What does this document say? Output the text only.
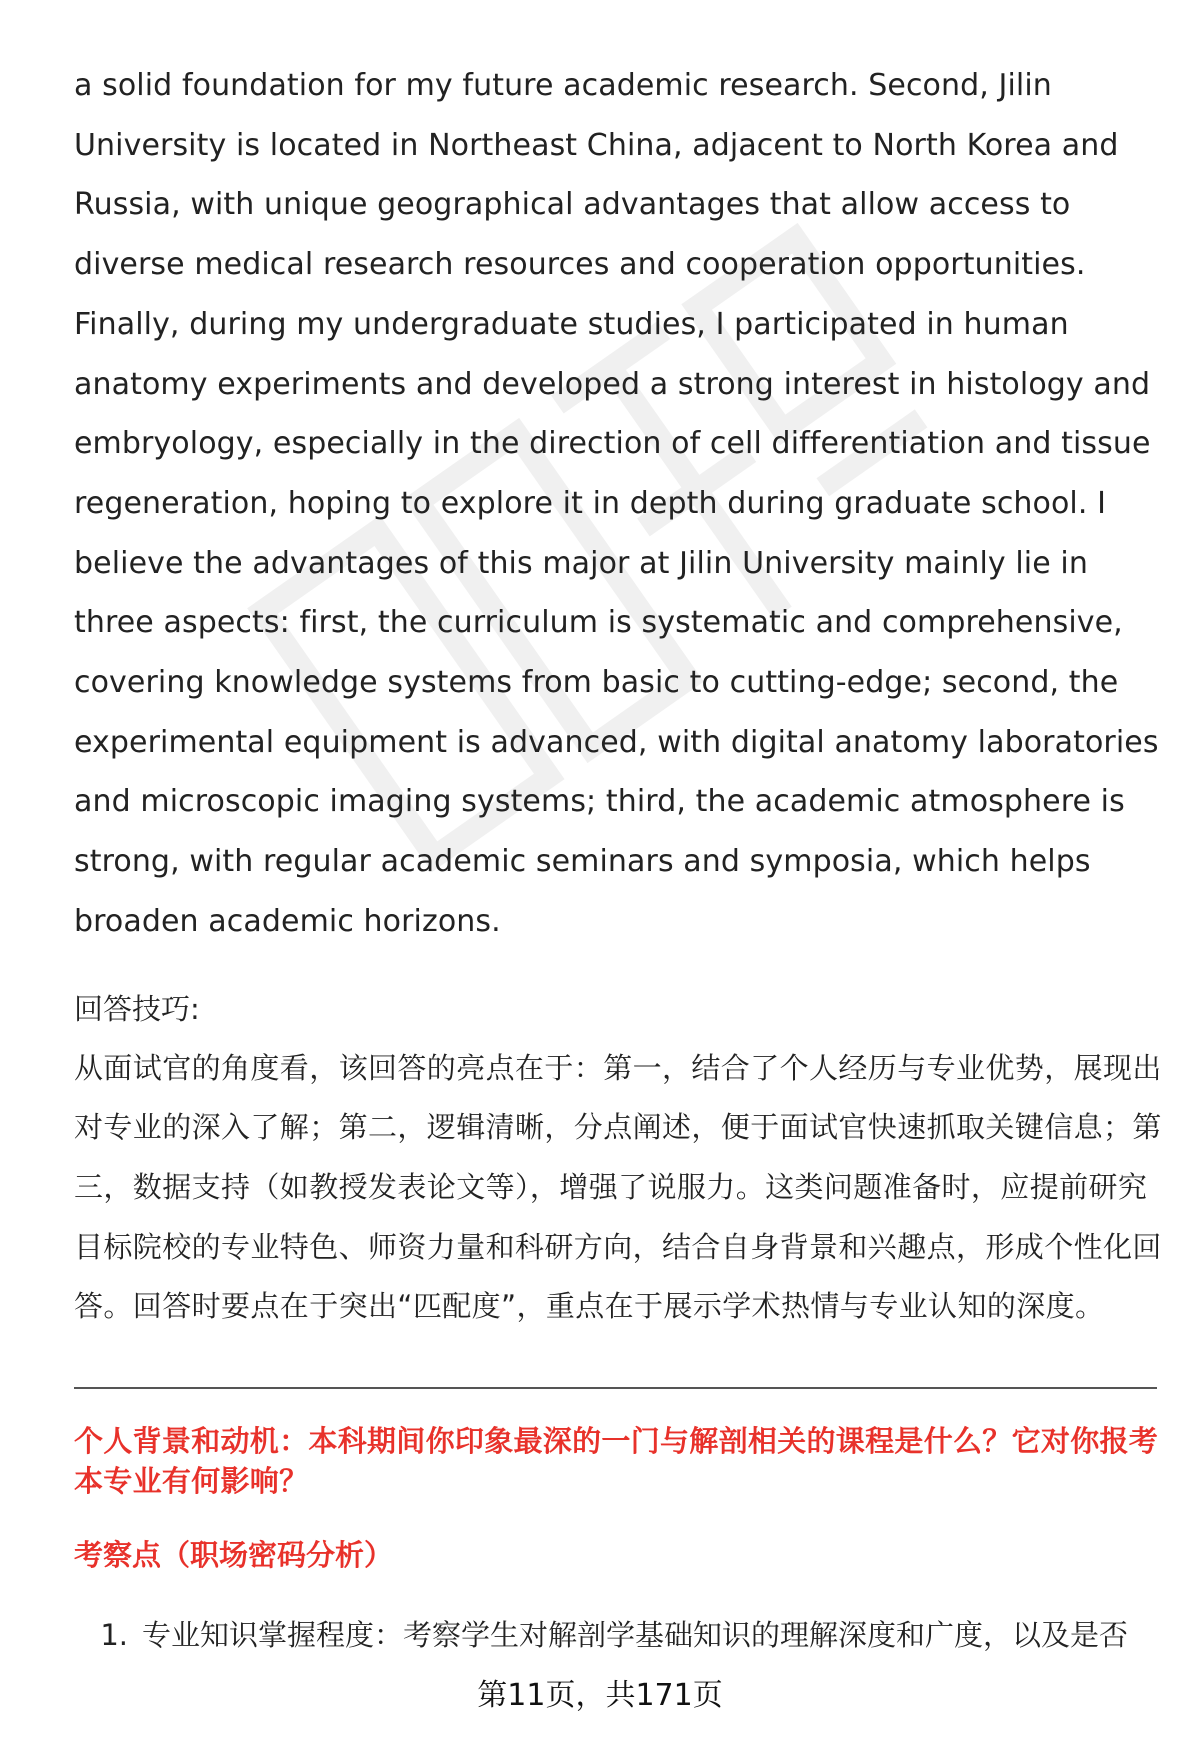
a solid foundation for my future academic research. Second, Jilin University is located in Northeast China, adjacent to North Korea and Russia, with unique geographical advantages that allow access to diverse medical research resources and cooperation opportunities. Finally, during my undergraduate studies, I participated in human anatomy experiments and developed a strong interest in histology and embryology, especially in the direction of cell differentiation and tissue regeneration, hoping to explore it in depth during graduate school. I believe the advantages of this major at Jilin University mainly lie in three aspects: first, the curriculum is systematic and comprehensive, covering knowledge systems from basic to cutting-edge; second, the experimental equipment is advanced, with digital anatomy laboratories and microscopic imaging systems; third, the academic atmosphere is strong, with regular academic seminars and symposia, which helps broaden academic horizons.

回答技巧:

从面试官的角度看，该回答的亮点在于：第一，结合了个人经历与专业优势，展现出对专业的深入了解；第二，逻辑清晰，分点阐述，便于面试官快速抓取关键信息；第三，数据支持（如教授发表论文等），增强了说服力。这类问题准备时，应提前研究目标院校的专业特色、师资力量和科研方向，结合自身背景和兴趣点，形成个性化回答。回答时要点在于突出“匹配度”，重点在于展示学术热情与专业认知的深度。

个人背景和动机：本科期间你印象最深的一门与解剖相关的课程是什么？它对你报考本专业有何影响？

考察点（职场密码分析）

1. 专业知识掌握程度：考察学生对解剖学基础知识的理解深度和广度，以及是否
第11页，共171页
